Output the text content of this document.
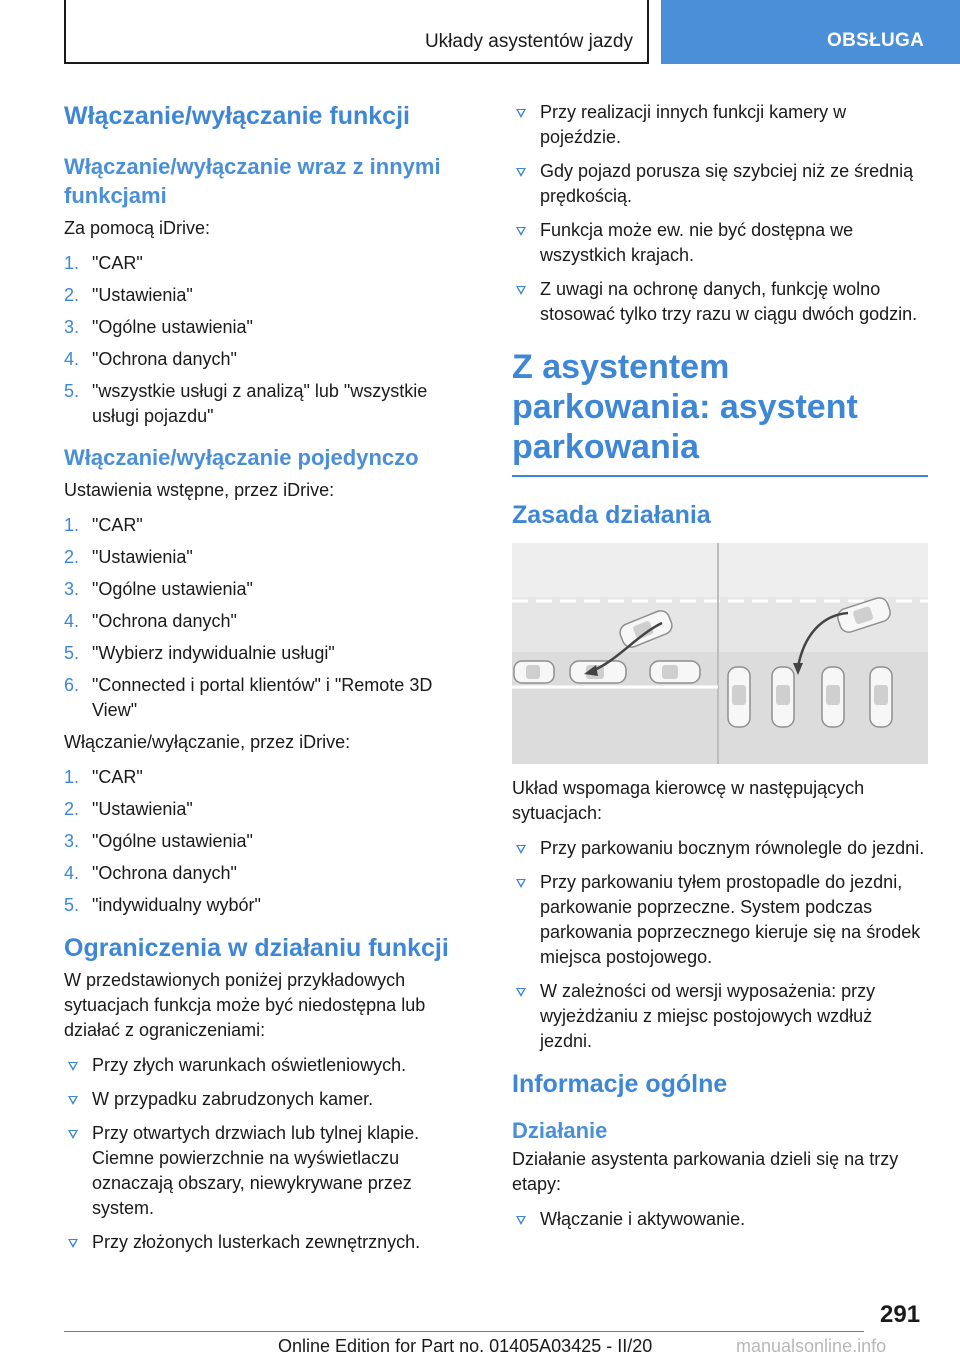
Układy asystentów jazdy	OBSŁUGA
Włączanie/wyłączanie funkcji
Włączanie/wyłączanie wraz z innymi funkcjami
Za pomocą iDrive:
1. "CAR"
2. "Ustawienia"
3. "Ogólne ustawienia"
4. "Ochrona danych"
5. "wszystkie usługi z analizą" lub "wszystkie usługi pojazdu"
Włączanie/wyłączanie pojedynczo
Ustawienia wstępne, przez iDrive:
1. "CAR"
2. "Ustawienia"
3. "Ogólne ustawienia"
4. "Ochrona danych"
5. "Wybierz indywidualnie usługi"
6. "Connected i portal klientów" i "Remote 3D View"
Włączanie/wyłączanie, przez iDrive:
1. "CAR"
2. "Ustawienia"
3. "Ogólne ustawienia"
4. "Ochrona danych"
5. "indywidualny wybór"
Ograniczenia w działaniu funkcji
W przedstawionych poniżej przykładowych sytuacjach funkcja może być niedostępna lub działać z ograniczeniami:
Przy złych warunkach oświetleniowych.
W przypadku zabrudzonych kamer.
Przy otwartych drzwiach lub tylnej klapie. Ciemne powierzchnie na wyświetlaczu oznaczają obszary, niewykrywane przez system.
Przy złożonych lusterkach zewnętrznych.
Przy realizacji innych funkcji kamery w pojeździe.
Gdy pojazd porusza się szybciej niż ze średnią prędkością.
Funkcja może ew. nie być dostępna we wszystkich krajach.
Z uwagi na ochronę danych, funkcję wolno stosować tylko trzy razu w ciągu dwóch godzin.
Z asystentem parkowania: asystent parkowania
Zasada działania
Układ wspomaga kierowcę w następujących sytuacjach:
Przy parkowaniu bocznym równolegle do jezdni.
Przy parkowaniu tyłem prostopadle do jezdni, parkowanie poprzeczne. System podczas parkowania poprzecznego kieruje się na środek miejsca postojowego.
W zależności od wersji wyposażenia: przy wyjeżdżaniu z miejsc postojowych wzdłuż jezdni.
Informacje ogólne
Działanie
Działanie asystenta parkowania dzieli się na trzy etapy:
Włączanie i aktywowanie.
291
Online Edition for Part no. 01405A03425 - II/20	manualsonline.info
